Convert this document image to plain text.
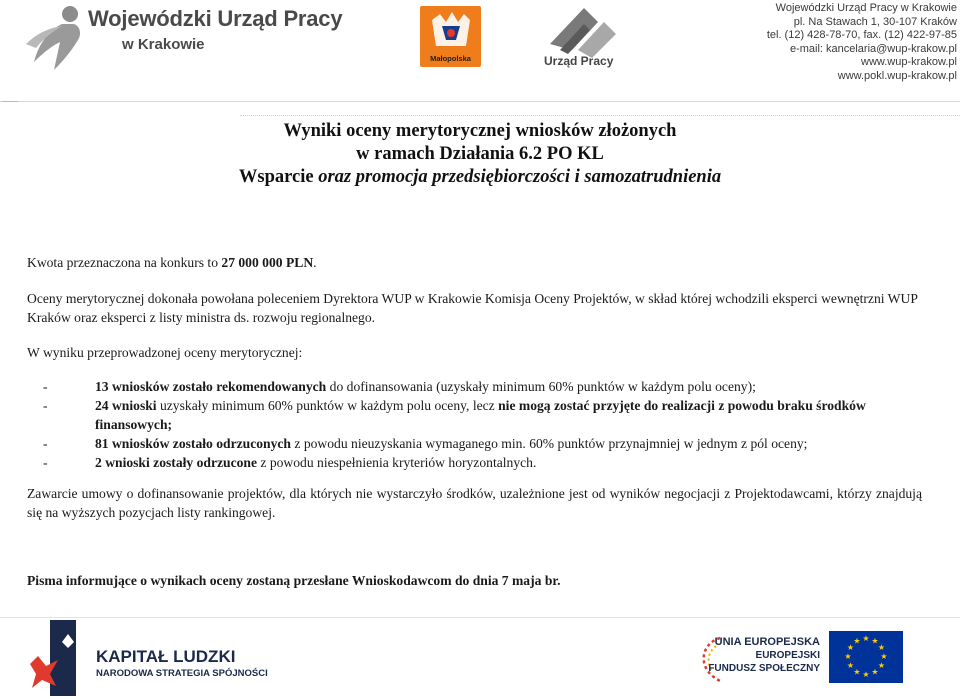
Wojewódzki Urząd Pracy
w Krakowie
Małopolska	Urząd Pracy
Wojewódzki Urząd Pracy w Krakowie
pl. Na Stawach 1, 30-107 Kraków
tel. (12) 428-78-70, fax. (12) 422-97-85
e-mail: kancelaria@wup-krakow.pl
www.wup-krakow.pl
www.pokl.wup-krakow.pl
Wyniki oceny merytorycznej wniosków złożonych
w ramach Działania 6.2 PO KL
Wsparcie oraz promocja przedsiębiorczości i samozatrudnienia
Kwota przeznaczona na konkurs to 27 000 000 PLN.
Oceny merytorycznej dokonała powołana poleceniem Dyrektora WUP w Krakowie Komisja Oceny Projektów, w skład której wchodzili eksperci wewnętrzni WUP Kraków oraz eksperci z listy ministra ds. rozwoju regionalnego.
W wyniku przeprowadzonej oceny merytorycznej:
-	13 wniosków zostało rekomendowanych do dofinansowania (uzyskały minimum 60% punktów w każdym polu oceny);
-	24 wnioski uzyskały minimum 60% punktów w każdym polu oceny, lecz nie mogą zostać przyjęte do realizacji z powodu braku środków finansowych;
-	81 wniosków zostało odrzuconych z powodu nieuzyskania wymaganego min. 60% punktów przynajmniej w jednym z pól oceny;
-	2 wnioski zostały odrzucone z powodu niespełnienia kryteriów horyzontalnych.
Zawarcie umowy o dofinansowanie projektów, dla których nie wystarczyło środków, uzależnione jest od wyników negocjacji z Projektodawcami, którzy znajdują się na wyższych pozycjach listy rankingowej.
Pisma informujące o wynikach oceny zostaną przesłane Wnioskodawcom do dnia 7 maja br.
KAPITAŁ LUDZKI
NARODOWA STRATEGIA SPÓJNOŚCI
UNIA EUROPEJSKA
EUROPEJSKI
FUNDUSZ SPOŁECZNY
★ ★
★
★
★
★
★
★
★
★
★
★
